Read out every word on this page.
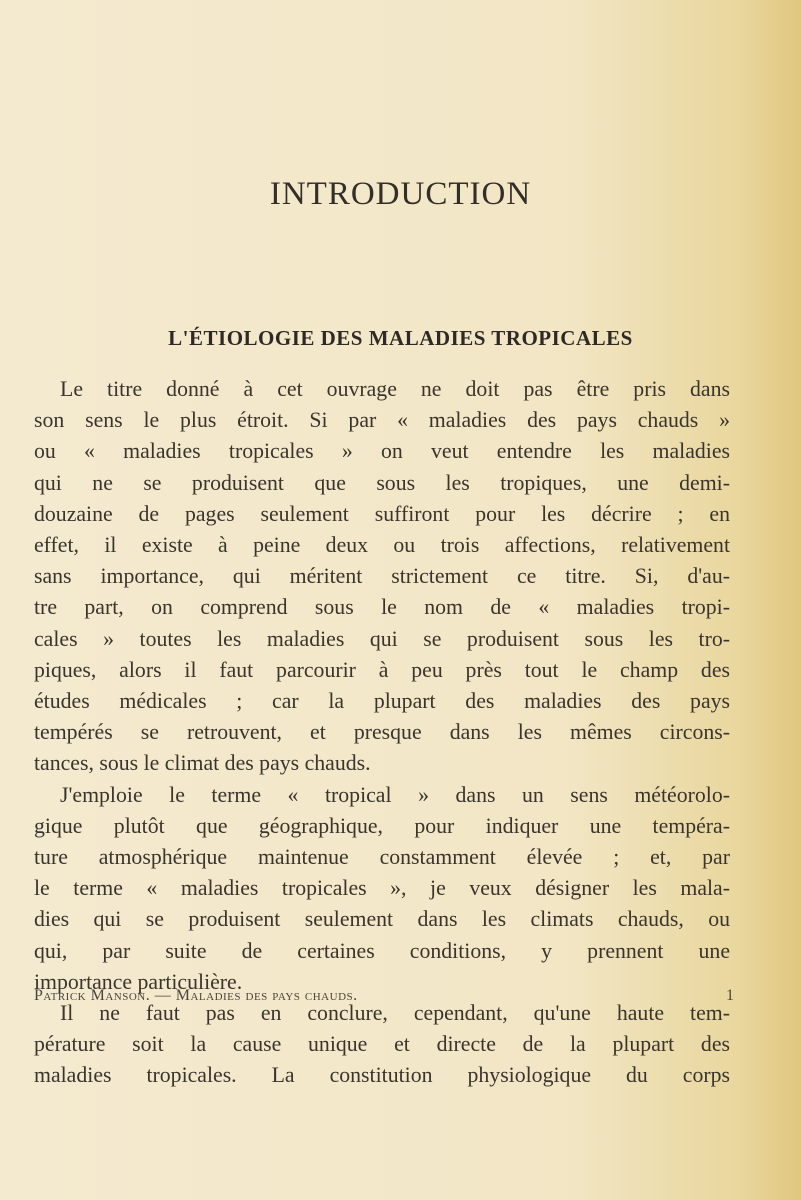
INTRODUCTION
L'ÉTIOLOGIE DES MALADIES TROPICALES
Le titre donné à cet ouvrage ne doit pas être pris dans
son sens le plus étroit. Si par « maladies des pays chauds »
ou « maladies tropicales » on veut entendre les maladies
qui ne se produisent que sous les tropiques, une demi-
douzaine de pages seulement suffiront pour les décrire ; en
effet, il existe à peine deux ou trois affections, relativement
sans importance, qui méritent strictement ce titre. Si, d'au-
tre part, on comprend sous le nom de « maladies tropi-
cales » toutes les maladies qui se produisent sous les tro-
piques, alors il faut parcourir à peu près tout le champ des
études médicales ; car la plupart des maladies des pays
tempérés se retrouvent, et presque dans les mêmes circons-
tances, sous le climat des pays chauds.
J'emploie le terme « tropical » dans un sens météorolo-
gique plutôt que géographique, pour indiquer une tempéra-
ture atmosphérique maintenue constamment élevée ; et, par
le terme « maladies tropicales », je veux désigner les mala-
dies qui se produisent seulement dans les climats chauds, ou
qui, par suite de certaines conditions, y prennent une
importance particulière.
Il ne faut pas en conclure, cependant, qu'une haute tem-
pérature soit la cause unique et directe de la plupart des
maladies tropicales. La constitution physiologique du corps
Patrick Manson. — Maladies des pays chauds.	1
